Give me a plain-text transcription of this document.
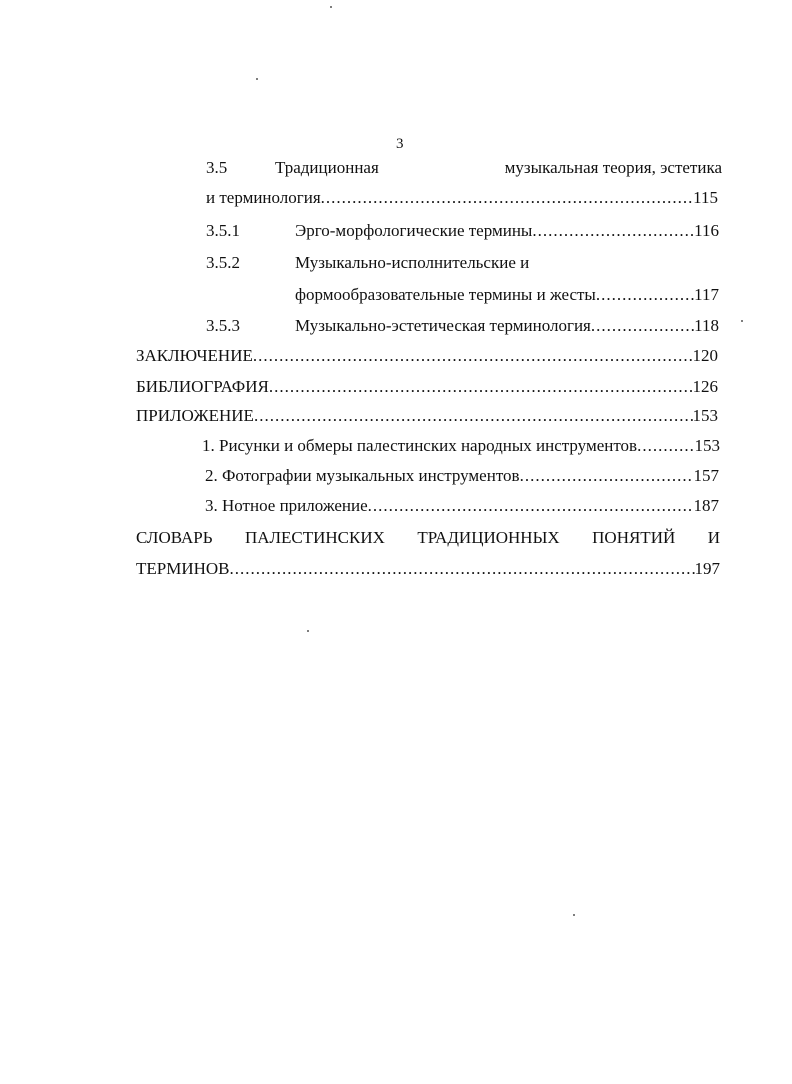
3
3.5	Традиционная	музыкальная теория, эстетика
и терминология .....	115
3.5.1	Эрго-морфологические термины .....	116
3.5.2	Музыкально-исполнительские и
формообразовательные термины и жесты .....	117
3.5.3	Музыкально-эстетическая терминология .....	118
ЗАКЛЮЧЕНИЕ .....	120
БИБЛИОГРАФИЯ .....	126
ПРИЛОЖЕНИЕ .....	153
1. Рисунки и обмеры палестинских народных инструментов .....	153
2. Фотографии музыкальных инструментов .....	157
3. Нотное приложение .....	187
СЛОВАРЬ ПАЛЕСТИНСКИХ ТРАДИЦИОННЫХ ПОНЯТИЙ И
ТЕРМИНОВ .....	197
